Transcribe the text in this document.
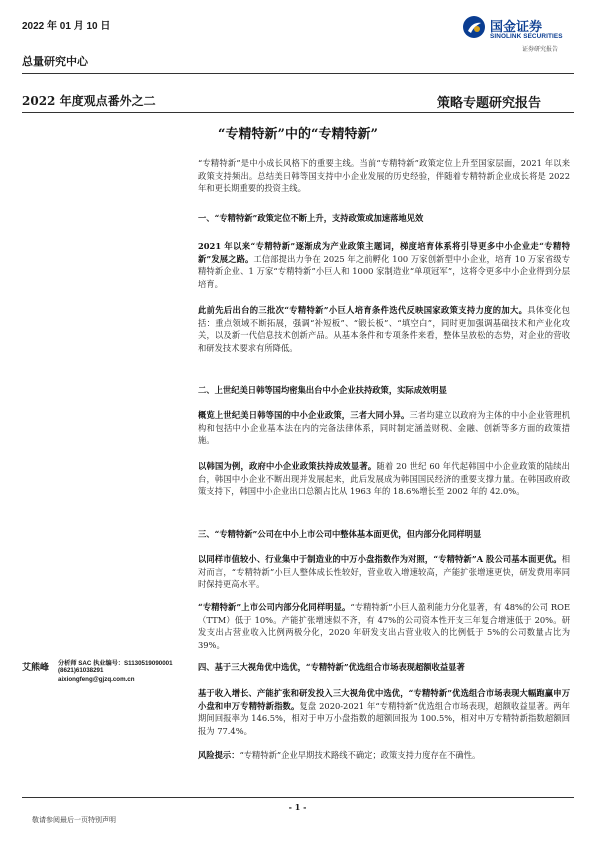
2022 年 01 月 10 日
总量研究中心
国金证券
SINOLINK SECURITIES
证券研究报告
2022 年度观点番外之二	策略专题研究报告
“专精特新”中的“专精特新”
“专精特新”是中小成长风格下的重要主线。当前“专精特新”政策定位上升至国家层面，2021 年以来政策支持频出。总结美日韩等国支持中小企业发展的历史经验，伴随着专精特新企业成长将是 2022 年和更长期重要的投资主线。
一、“专精特新”政策定位不断上升，支持政策或加速落地见效
2021 年以来“专精特新”逐渐成为产业政策主题词，梯度培育体系将引导更多中小企业走“专精特新”发展之路。工信部提出力争在 2025 年之前孵化 100 万家创新型中小企业，培育 10 万家省级专精特新企业、1 万家“专精特新”小巨人和 1000 家制造业“单项冠军”，这将令更多中小企业得到分层培育。
此前先后出台的三批次“专精特新”小巨人培育条件迭代反映国家政策支持力度的加大。具体变化包括：重点领域不断拓展，强调“补短板”、“锻长板”、“填空白”，同时更加强调基础技术和产业化攻关，以及新一代信息技术创新产品。从基本条件和专项条件来看，整体呈放松的态势，对企业的营收和研发技术要求有所降低。
二、上世纪美日韩等国均密集出台中小企业扶持政策，实际成效明显
概览上世纪美日韩等国的中小企业政策，三者大同小异。三者均建立以政府为主体的中小企业管理机构和包括中小企业基本法在内的完备法律体系，同时制定涵盖财税、金融、创新等多方面的政策措施。
以韩国为例，政府中小企业政策扶持成效显著。随着 20 世纪 60 年代起韩国中小企业政策的陆续出台，韩国中小企业不断出现并发展起来，此后发展成为韩国国民经济的重要支撑力量。在韩国政府政策支持下，韩国中小企业出口总额占比从 1963 年的 18.6%增长至 2002 年的 42.0%。
三、“专精特新”公司在中小上市公司中整体基本面更优，但内部分化同样明显
以同样市值较小、行业集中于制造业的中万小盘指数作为对照，“专精特新”A 股公司基本面更优。相对而言，“专精特新”小巨人整体成长性较好，营业收入增速较高，产能扩张增速更快，研发费用率同时保持更高水平。
“专精特新”上市公司内部分化同样明显。“专精特新”小巨人盈利能力分化显著，有 48%的公司 ROE（TTM）低于 10%。产能扩张增速似不齐，有 47%的公司资本性开支三年复合增速低于 20%。研发支出占营业收入比例两极分化，2020 年研发支出占营业收入的比例低于 5%的公司数量占比为 39%。
四、基于三大视角优中选优，“专精特新”优选组合市场表现超额收益显著
基于收入增长、产能扩张和研发投入三大视角优中选优，“专精特新”优选组合市场表现大幅跑赢申万小盘和申万专精特新指数。复盘 2020-2021 年“专精特新”优选组合市场表现，超额收益显著。两年期间回报率为 146.5%，相对于申万小盘指数的超额回报为 100.5%，相对申万专精特新指数超额回报为 77.4%。
风险提示：“专精特新”企业早期技术路线不确定；政策支持力度存在不确性。
艾熊峰 分析师 SAC 执业编号：S1130519090001
(8621)61038291
aixiongfeng@gjzq.com.cn
- 1 -
敬请参阅最后一页特别声明
